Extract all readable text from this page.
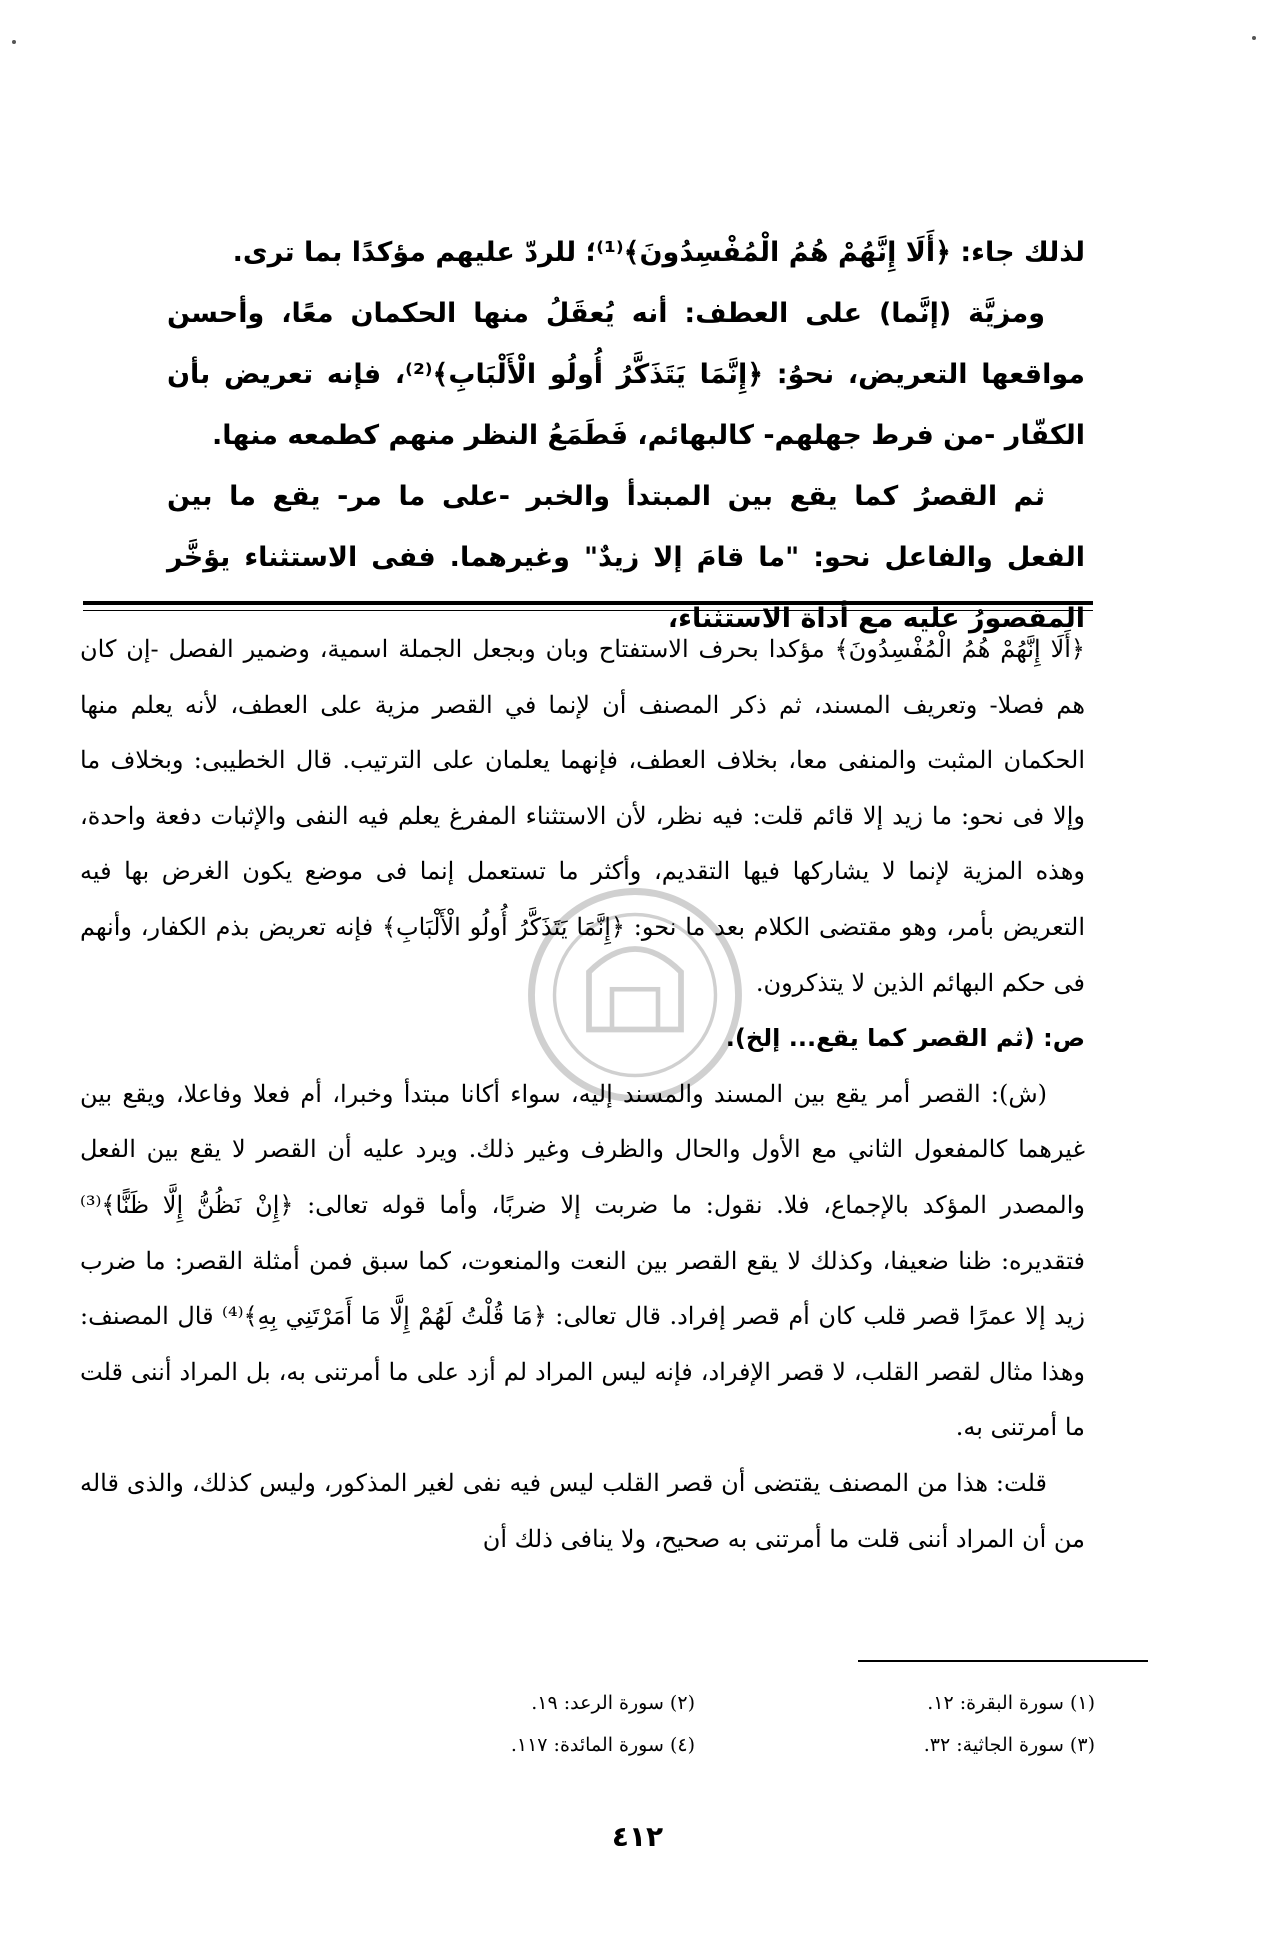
لذلك جاء: ﴿أَلَا إِنَّهُمْ هُمُ الْمُفْسِدُونَ﴾⁽¹⁾؛ للردّ عليهم مؤكدًا بما ترى.

ومزيَّة (إنَّما) على العطف: أنه يُعقَلُ منها الحكمان معًا، وأحسن مواقعها التعريض، نحوُ: ﴿إِنَّمَا يَتَذَكَّرُ أُولُو الْأَلْبَابِ﴾⁽²⁾، فإنه تعريض بأن الكفّار -من فرط جهلهم- كالبهائم، فَطَمَعُ النظر منهم كطمعه منها.

ثم القصرُ كما يقع بين المبتدأ والخبر -على ما مر- يقع ما بين الفعل والفاعل نحو: "ما قامَ إلا زيدٌ" وغيرهما. ففى الاستثناء يؤخَّر المقصورُ عليه مع أداة الاستثناء،

﴿أَلَا إِنَّهُمْ هُمُ الْمُفْسِدُونَ﴾ مؤكدا بحرف الاستفتاح وبان وبجعل الجملة اسمية، وضمير الفصل -إن كان هم فصلا- وتعريف المسند، ثم ذكر المصنف أن لإنما في القصر مزية على العطف، لأنه يعلم منها الحكمان المثبت والمنفى معا، بخلاف العطف، فإنهما يعلمان على الترتيب. قال الخطيبى: وبخلاف ما وإلا فى نحو: ما زيد إلا قائم قلت: فيه نظر، لأن الاستثناء المفرغ يعلم فيه النفى والإثبات دفعة واحدة، وهذه المزية لإنما لا يشاركها فيها التقديم، وأكثر ما تستعمل إنما فى موضع يكون الغرض بها فيه التعريض بأمر، وهو مقتضى الكلام بعد ما نحو: ﴿إِنَّمَا يَتَذَكَّرُ أُولُو الْأَلْبَابِ﴾ فإنه تعريض بذم الكفار، وأنهم فى حكم البهائم الذين لا يتذكرون.

ص: (ثم القصر كما يقع... إلخ).

(ش): القصر أمر يقع بين المسند والمسند إليه، سواء أكانا مبتدأ وخبرا، أم فعلا وفاعلا، ويقع بين غيرهما كالمفعول الثاني مع الأول والحال والظرف وغير ذلك. ويرد عليه أن القصر لا يقع بين الفعل والمصدر المؤكد بالإجماع، فلا. نقول: ما ضربت إلا ضربًا، وأما قوله تعالى: ﴿إِنْ نَظُنُّ إِلَّا ظَنًّا﴾⁽³⁾ فتقديره: ظنا ضعيفا، وكذلك لا يقع القصر بين النعت والمنعوت، كما سبق فمن أمثلة القصر: ما ضرب زيد إلا عمرًا قصر قلب كان أم قصر إفراد. قال تعالى: ﴿مَا قُلْتُ لَهُمْ إِلَّا مَا أَمَرْتَنِي بِهِ﴾⁽⁴⁾ قال المصنف: وهذا مثال لقصر القلب، لا قصر الإفراد، فإنه ليس المراد لم أزد على ما أمرتنى به، بل المراد أننى قلت ما أمرتنى به.

قلت: هذا من المصنف يقتضى أن قصر القلب ليس فيه نفى لغير المذكور، وليس كذلك، والذى قاله من أن المراد أننى قلت ما أمرتنى به صحيح، ولا ينافى ذلك أن

(١) سورة البقرة: ١٢.
(٢) سورة الرعد: ١٩.
(٣) سورة الجاثية: ٣٢.
(٤) سورة المائدة: ١١٧.
٤١٢
